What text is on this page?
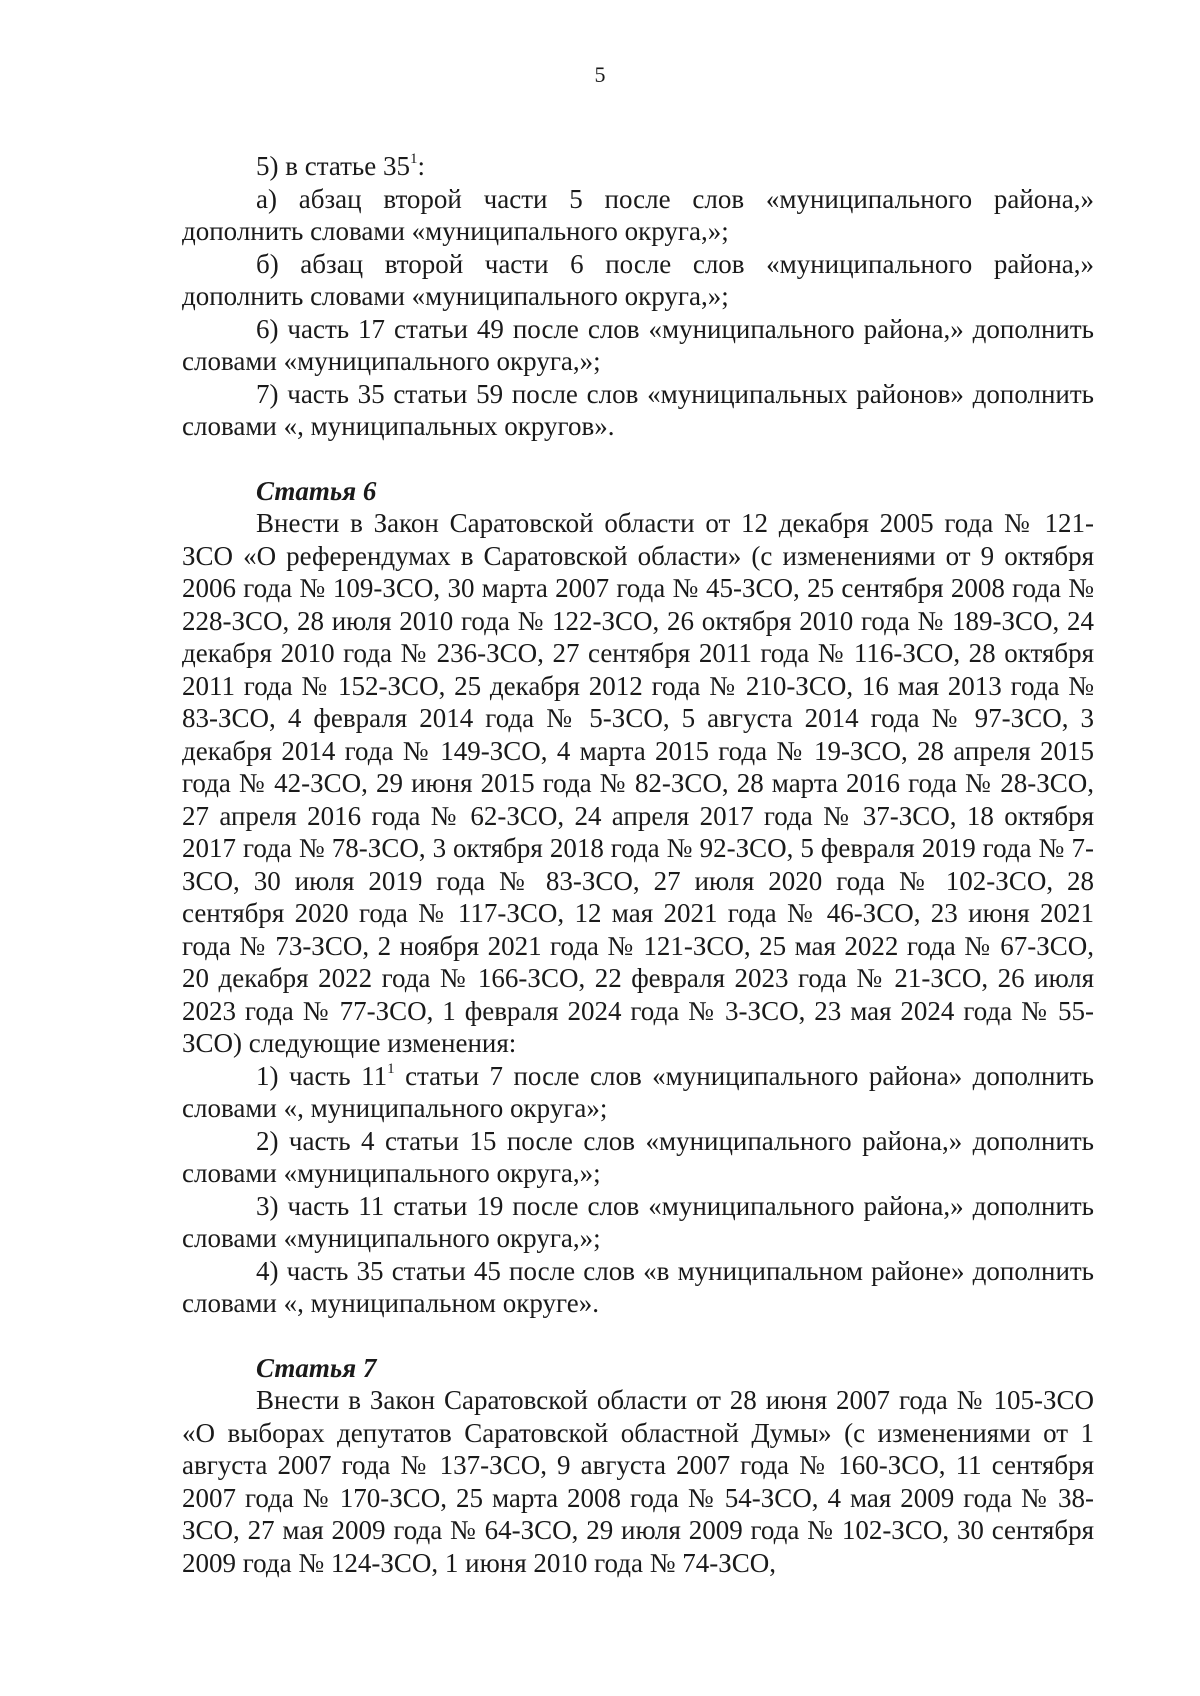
5

5) в статье $35^1$:

а) абзац второй части 5 после слов «муниципального района,» дополнить словами «муниципального округа,»;

б) абзац второй части 6 после слов «муниципального района,» дополнить словами «муниципального округа,»;

6) часть 17 статьи 49 после слов «муниципального района,» дополнить словами «муниципального округа,»;

7) часть 35 статьи 59 после слов «муниципальных районов» дополнить словами «, муниципальных округов».

Статья 6

Внести в Закон Саратовской области от 12 декабря 2005 года № 121-ЗСО «О референдумах в Саратовской области» (с изменениями от 9 октября 2006 года № 109-ЗСО, 30 марта 2007 года № 45-ЗСО, 25 сентября 2008 года № 228-ЗСО, 28 июля 2010 года № 122-ЗСО, 26 октября 2010 года № 189-ЗСО, 24 декабря 2010 года № 236-ЗСО, 27 сентября 2011 года № 116-ЗСО, 28 октября 2011 года № 152-ЗСО, 25 декабря 2012 года № 210-ЗСО, 16 мая 2013 года № 83-ЗСО, 4 февраля 2014 года № 5-ЗСО, 5 августа 2014 года № 97-ЗСО, 3 декабря 2014 года № 149-ЗСО, 4 марта 2015 года № 19-ЗСО, 28 апреля 2015 года № 42-ЗСО, 29 июня 2015 года № 82-ЗСО, 28 марта 2016 года № 28-ЗСО, 27 апреля 2016 года № 62-ЗСО, 24 апреля 2017 года № 37-ЗСО, 18 октября 2017 года № 78-ЗСО, 3 октября 2018 года № 92-ЗСО, 5 февраля 2019 года № 7-ЗСО, 30 июля 2019 года № 83-ЗСО, 27 июля 2020 года № 102-ЗСО, 28 сентября 2020 года № 117-ЗСО, 12 мая 2021 года № 46-ЗСО, 23 июня 2021 года № 73-ЗСО, 2 ноября 2021 года № 121-ЗСО, 25 мая 2022 года № 67-ЗСО, 20 декабря 2022 года № 166-ЗСО, 22 февраля 2023 года № 21-ЗСО, 26 июля 2023 года № 77-ЗСО, 1 февраля 2024 года № 3-ЗСО, 23 мая 2024 года № 55-ЗСО) следующие изменения:

1) часть $11^1$ статьи 7 после слов «муниципального района» дополнить словами «, муниципального округа»;

2) часть 4 статьи 15 после слов «муниципального района,» дополнить словами «муниципального округа,»;

3) часть 11 статьи 19 после слов «муниципального района,» дополнить словами «муниципального округа,»;

4) часть 35 статьи 45 после слов «в муниципальном районе» дополнить словами «, муниципальном округе».

Статья 7

Внести в Закон Саратовской области от 28 июня 2007 года № 105-ЗСО «О выборах депутатов Саратовской областной Думы» (с изменениями от 1 августа 2007 года № 137-ЗСО, 9 августа 2007 года № 160-ЗСО, 11 сентября 2007 года № 170-ЗСО, 25 марта 2008 года № 54-ЗСО, 4 мая 2009 года № 38-ЗСО, 27 мая 2009 года № 64-ЗСО, 29 июля 2009 года № 102-ЗСО, 30 сентября 2009 года № 124-ЗСО, 1 июня 2010 года № 74-ЗСО,
